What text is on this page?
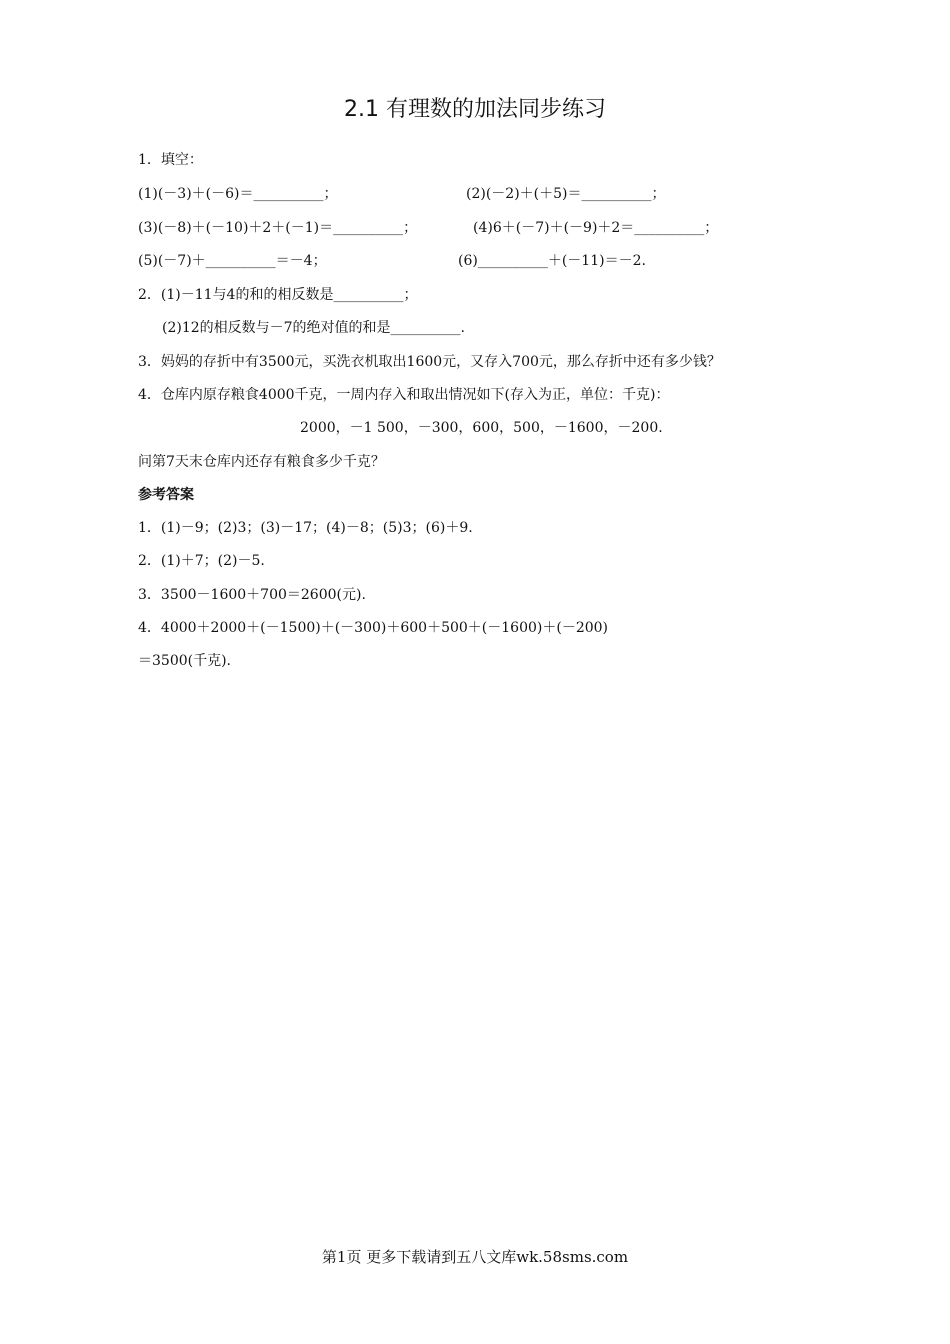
2.1 有理数的加法同步练习
1．填空：
(1)(－3)＋(－6)＝__________；	(2)(－2)＋(＋5)＝__________；
(3)(－8)＋(－10)＋2＋(－1)＝__________；	(4)6＋(－7)＋(－9)＋2＝__________；
(5)(－7)＋__________＝－4；	(6)__________＋(－11)＝－2.
2．(1)－11与4的和的相反数是__________；
(2)12的相反数与－7的绝对值的和是__________.
3．妈妈的存折中有3500元，买洗衣机取出1600元，又存入700元，那么存折中还有多少钱？
4．仓库内原存粮食4000千克，一周内存入和取出情况如下(存入为正，单位：千克)：
2000，－1 500，－300，600，500，－1600，－200.
问第7天末仓库内还存有粮食多少千克？
参考答案
1．(1)－9；(2)3；(3)－17；(4)－8；(5)3；(6)＋9.
2．(1)＋7；(2)－5.
3．3500－1600＋700＝2600(元).
4．4000＋2000＋(－1500)＋(－300)＋600＋500＋(－1600)＋(－200)
＝3500(千克).
第1页 更多下载请到五八文库wk.58sms.com
